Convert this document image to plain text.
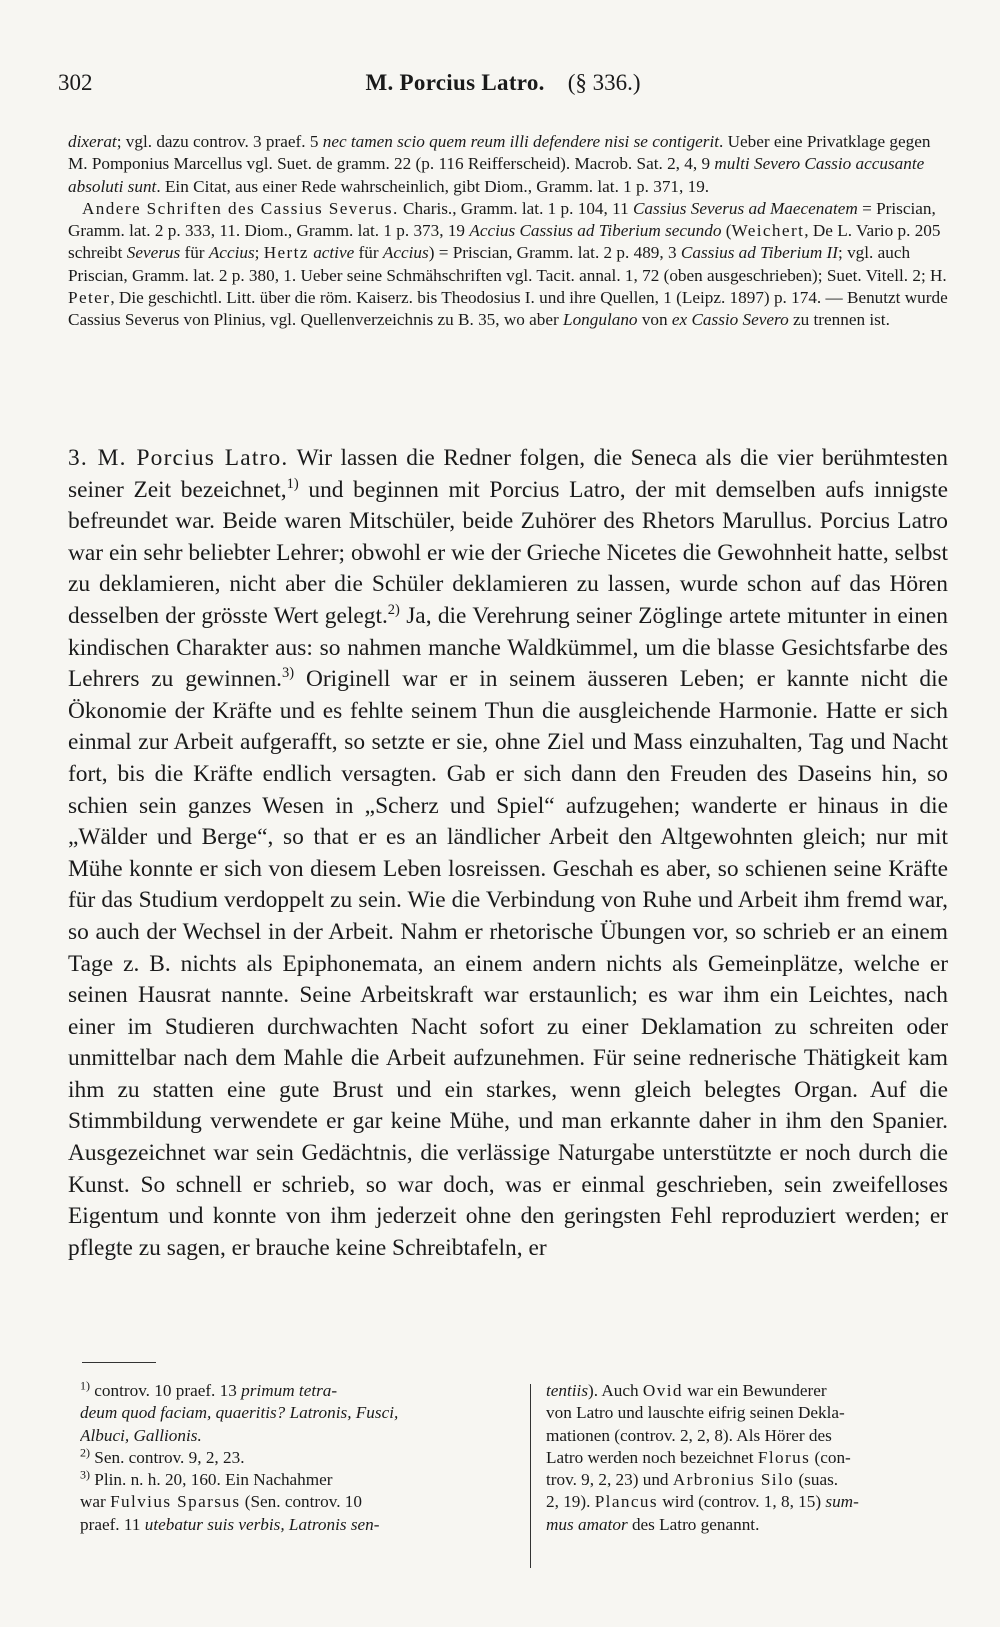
302	M. Porcius Latro. (§ 336.)

dixerat; vgl. dazu controv. 3 praef. 5 nec tamen scio quem reum illi defendere nisi se contigerit. Ueber eine Privatklage gegen M. Pomponius Marcellus vgl. Suet. de gramm. 22 (p. 116 Reifferscheid). Macrob. Sat. 2, 4, 9 multi Severo Cassio accusante absoluti sunt. Ein Citat, aus einer Rede wahrscheinlich, gibt Diom., Gramm. lat. 1 p. 371, 19.

Andere Schriften des Cassius Severus. Charis., Gramm. lat. 1 p. 104, 11 Cassius Severus ad Maecenatem = Priscian, Gramm. lat. 2 p. 333, 11. Diom., Gramm. lat. 1 p. 373, 19 Accius Cassius ad Tiberium secundo (Weichert, De L. Vario p. 205 schreibt Severus für Accius; Hertz active für Accius) = Priscian, Gramm. lat. 2 p. 489, 3 Cassius ad Tiberium II; vgl. auch Priscian, Gramm. lat. 2 p. 380, 1. Ueber seine Schmähschriften vgl. Tacit. annal. 1, 72 (oben ausgeschrieben); Suet. Vitell. 2; H. Peter, Die geschichtl. Litt. über die röm. Kaiserz. bis Theodosius I. und ihre Quellen, 1 (Leipz. 1897) p. 174. — Benutzt wurde Cassius Severus von Plinius, vgl. Quellenverzeichnis zu B. 35, wo aber Longulano von ex Cassio Severo zu trennen ist.

3. M. Porcius Latro. Wir lassen die Redner folgen, die Seneca als die vier berühmtesten seiner Zeit bezeichnet,$^{1)}$ und beginnen mit Porcius Latro, der mit demselben aufs innigste befreundet war. Beide waren Mitschüler, beide Zuhörer des Rhetors Marullus. Porcius Latro war ein sehr beliebter Lehrer; obwohl er wie der Grieche Nicetes die Gewohnheit hatte, selbst zu deklamieren, nicht aber die Schüler deklamieren zu lassen, wurde schon auf das Hören desselben der grösste Wert gelegt.$^{2)}$ Ja, die Verehrung seiner Zöglinge artete mitunter in einen kindischen Charakter aus: so nahmen manche Waldkümmel, um die blasse Gesichtsfarbe des Lehrers zu gewinnen.$^{3)}$ Originell war er in seinem äusseren Leben; er kannte nicht die Ökonomie der Kräfte und es fehlte seinem Thun die ausgleichende Harmonie. Hatte er sich einmal zur Arbeit aufgerafft, so setzte er sie, ohne Ziel und Mass einzuhalten, Tag und Nacht fort, bis die Kräfte endlich versagten. Gab er sich dann den Freuden des Daseins hin, so schien sein ganzes Wesen in „Scherz und Spiel“ aufzugehen; wanderte er hinaus in die „Wälder und Berge“, so that er es an ländlicher Arbeit den Altgewohnten gleich; nur mit Mühe konnte er sich von diesem Leben losreissen. Geschah es aber, so schienen seine Kräfte für das Studium verdoppelt zu sein. Wie die Verbindung von Ruhe und Arbeit ihm fremd war, so auch der Wechsel in der Arbeit. Nahm er rhetorische Übungen vor, so schrieb er an einem Tage z. B. nichts als Epiphonemata, an einem andern nichts als Gemeinplätze, welche er seinen Hausrat nannte. Seine Arbeitskraft war erstaunlich; es war ihm ein Leichtes, nach einer im Studieren durchwachten Nacht sofort zu einer Deklamation zu schreiten oder unmittelbar nach dem Mahle die Arbeit aufzunehmen. Für seine rednerische Thätigkeit kam ihm zu statten eine gute Brust und ein starkes, wenn gleich belegtes Organ. Auf die Stimmbildung verwendete er gar keine Mühe, und man erkannte daher in ihm den Spanier. Ausgezeichnet war sein Gedächtnis, die verlässige Naturgabe unterstützte er noch durch die Kunst. So schnell er schrieb, so war doch, was er einmal geschrieben, sein zweifelloses Eigentum und konnte von ihm jederzeit ohne den geringsten Fehl reproduziert werden; er pflegte zu sagen, er brauche keine Schreibtafeln, er

$^{1)}$ controv. 10 praef. 13 primum tetra-
deum quod faciam, quaeritis? Latronis, Fusci,
Albuci, Gallionis.
$^{2)}$ Sen. controv. 9, 2, 23.
$^{3)}$ Plin. n. h. 20, 160. Ein Nachahmer
war Fulvius Sparsus (Sen. controv. 10
praef. 11 utebatur suis verbis, Latronis sen-
tentiis). Auch Ovid war ein Bewunderer
von Latro und lauschte eifrig seinen Dekla-
mationen (controv. 2, 2, 8). Als Hörer des
Latro werden noch bezeichnet Florus (con-
trov. 9, 2, 23) und Arbronius Silo (suas.
2, 19). Plancus wird (controv. 1, 8, 15) sum-
mus amator des Latro genannt.
